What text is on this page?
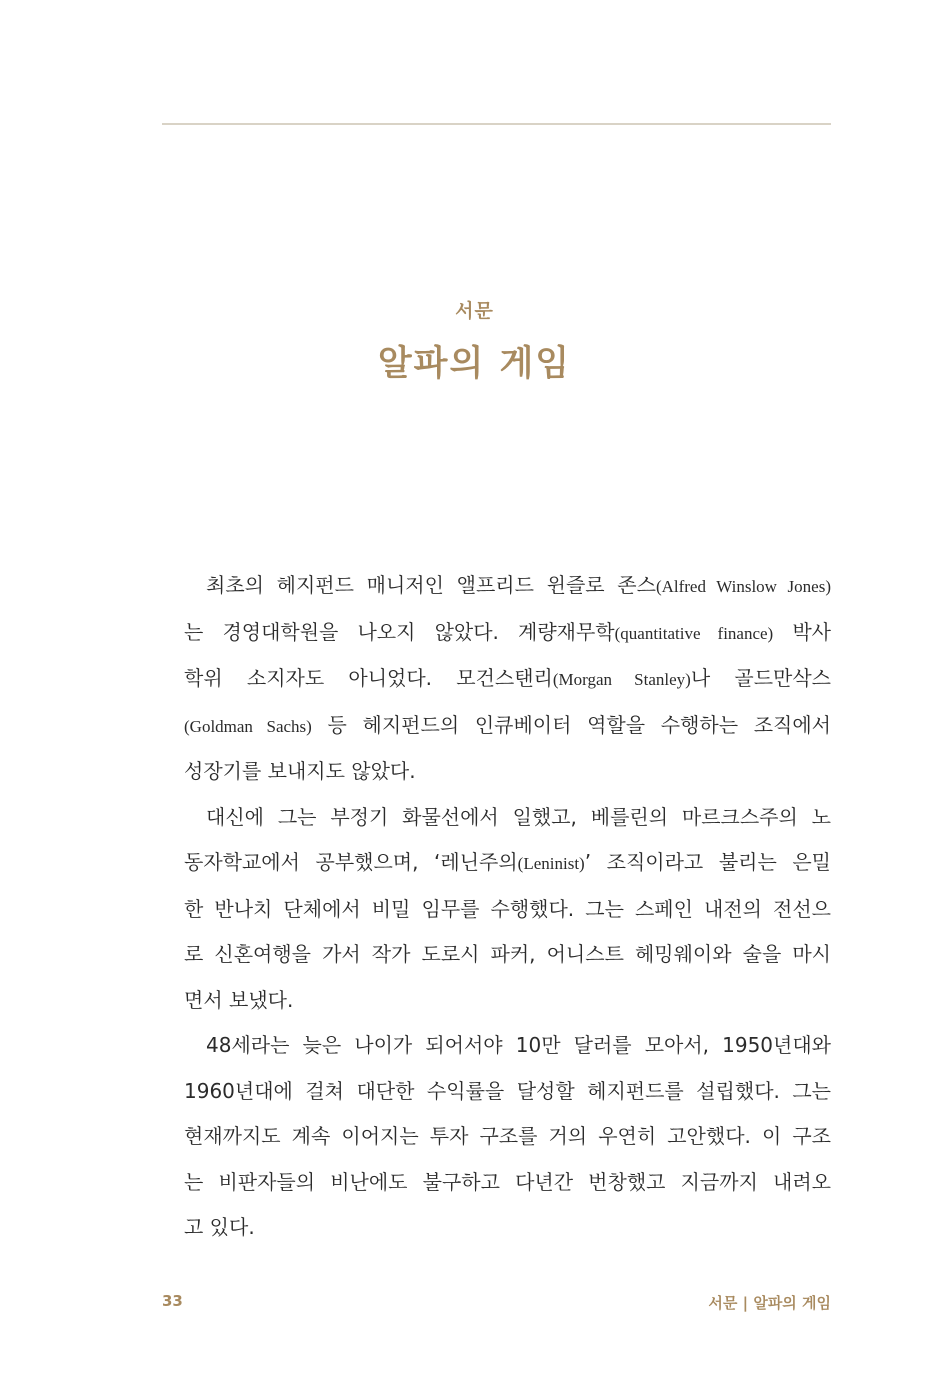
서문
알파의 게임
최초의 헤지펀드 매니저인 앨프리드 윈즐로 존스(Alfred Winslow Jones)
는 경영대학원을 나오지 않았다. 계량재무학(quantitative finance) 박사
학위 소지자도 아니었다. 모건스탠리(Morgan Stanley)나 골드만삭스
(Goldman Sachs) 등 헤지펀드의 인큐베이터 역할을 수행하는 조직에서
성장기를 보내지도 않았다.
대신에 그는 부정기 화물선에서 일했고, 베를린의 마르크스주의 노
동자학교에서 공부했으며, ‘레닌주의(Leninist)’ 조직이라고 불리는 은밀
한 반나치 단체에서 비밀 임무를 수행했다. 그는 스페인 내전의 전선으
로 신혼여행을 가서 작가 도로시 파커, 어니스트 헤밍웨이와 술을 마시
면서 보냈다.
48세라는 늦은 나이가 되어서야 10만 달러를 모아서, 1950년대와
1960년대에 걸쳐 대단한 수익률을 달성할 헤지펀드를 설립했다. 그는
현재까지도 계속 이어지는 투자 구조를 거의 우연히 고안했다. 이 구조
는 비판자들의 비난에도 불구하고 다년간 번창했고 지금까지 내려오
고 있다.
33	서문 | 알파의 게임
